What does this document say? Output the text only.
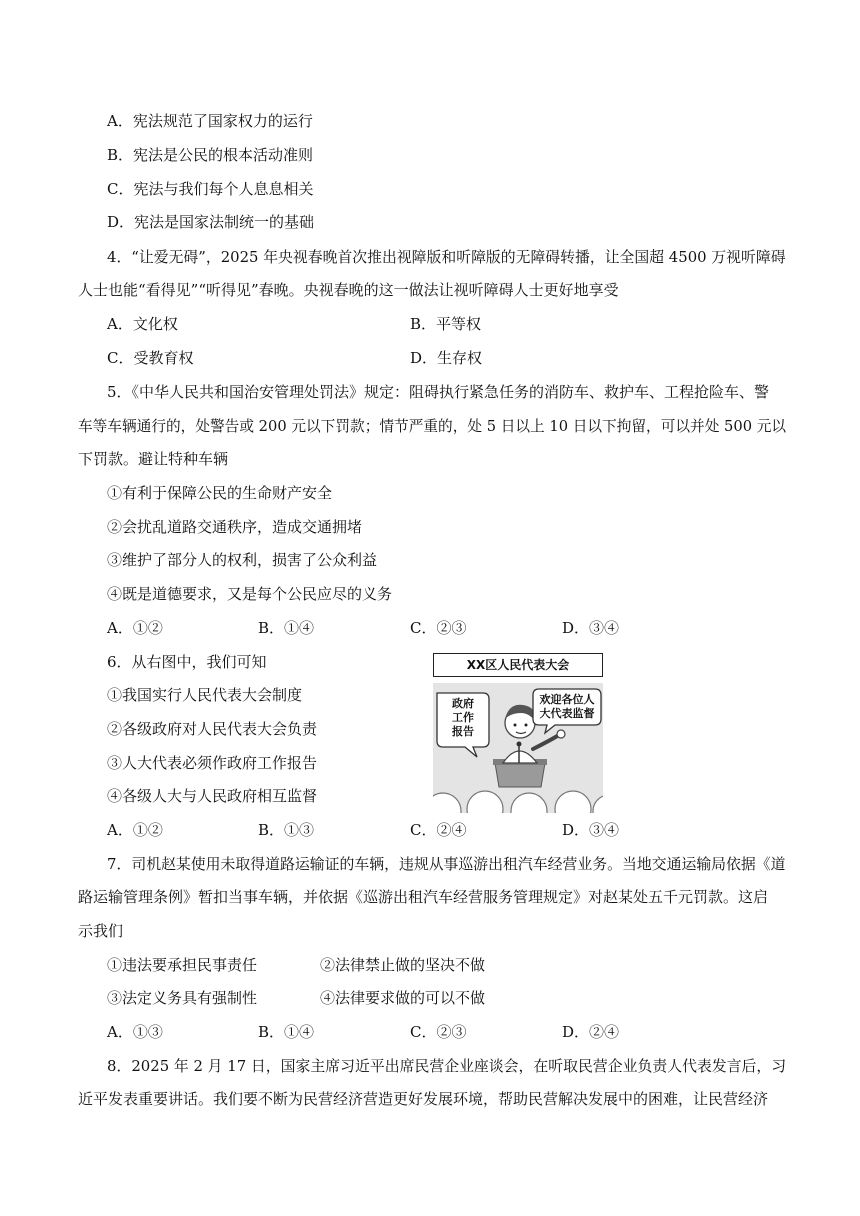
A．宪法规范了国家权力的运行
B．宪法是公民的根本活动准则
C．宪法与我们每个人息息相关
D．宪法是国家法制统一的基础
4．“让爱无碍”，2025 年央视春晚首次推出视障版和听障版的无障碍转播，让全国超 4500 万视听障碍
人士也能“看得见”“听得见”春晚。央视春晚的这一做法让视听障碍人士更好地享受
A．文化权	B．平等权
C．受教育权	D．生存权
5．《中华人民共和国治安管理处罚法》规定：阻碍执行紧急任务的消防车、救护车、工程抢险车、警
车等车辆通行的，处警告或 200 元以下罚款；情节严重的，处 5 日以上 10 日以下拘留，可以并处 500 元以
下罚款。避让特种车辆
①有利于保障公民的生命财产安全
②会扰乱道路交通秩序，造成交通拥堵
③维护了部分人的权利，损害了公众利益
④既是道德要求，又是每个公民应尽的义务
A．①②	B．①④	C．②③	D．③④
6．从右图中，我们可知
①我国实行人民代表大会制度
②各级政府对人民代表大会负责
③人大代表必须作政府工作报告
④各级人大与人民政府相互监督
A．①②	B．①③	C．②④	D．③④
XX区人民代表大会
政府
工作
报告
欢迎各位人
大代表监督
7．司机赵某使用未取得道路运输证的车辆，违规从事巡游出租汽车经营业务。当地交通运输局依据《道
路运输管理条例》暂扣当事车辆，并依据《巡游出租汽车经营服务管理规定》对赵某处五千元罚款。这启
示我们
①违法要承担民事责任	②法律禁止做的坚决不做
③法定义务具有强制性	④法律要求做的可以不做
A．①③	B．①④	C．②③	D．②④
8．2025 年 2 月 17 日，国家主席习近平出席民营企业座谈会，在听取民营企业负责人代表发言后，习
近平发表重要讲话。我们要不断为民营经济营造更好发展环境，帮助民营解决发展中的困难，让民营经济
